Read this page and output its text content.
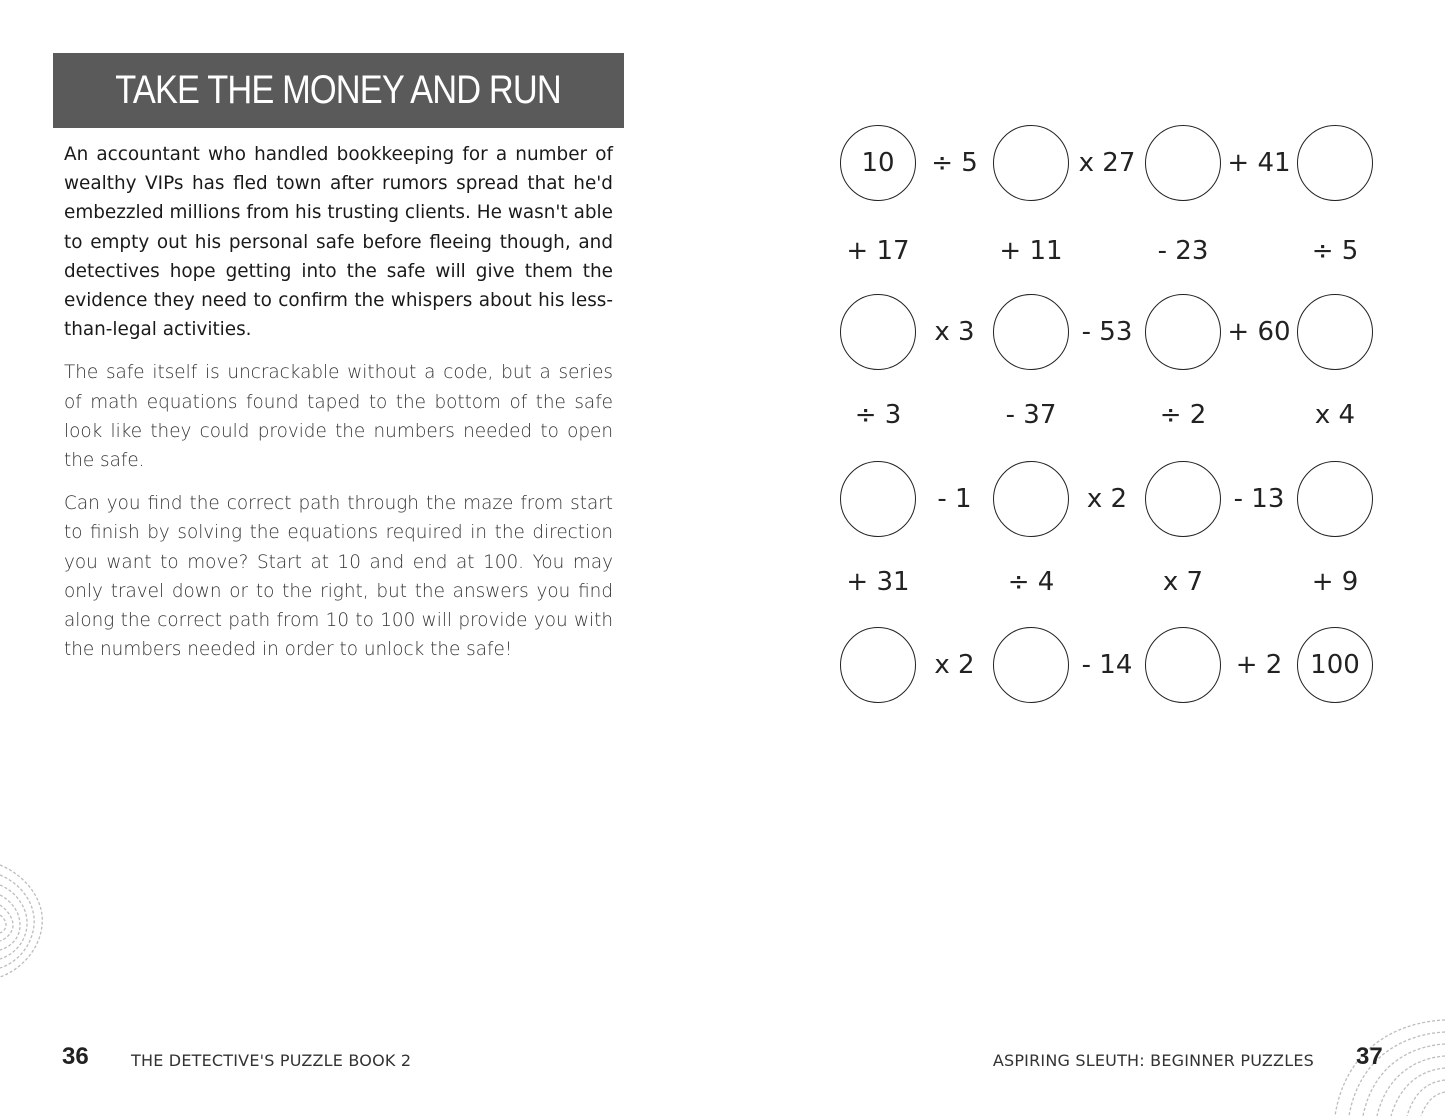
TAKE THE MONEY AND RUN

An accountant who handled bookkeeping for a number of wealthy VIPs has fled town after rumors spread that he'd embezzled millions from his trusting clients. He wasn't able to empty out his personal safe before fleeing though, and detectives hope getting into the safe will give them the evidence they need to confirm the whispers about his less-than-legal activities.

The safe itself is uncrackable without a code, but a series of math equations found taped to the bottom of the safe look like they could provide the numbers needed to open the safe.

Can you find the correct path through the maze from start to finish by solving the equations required in the direction you want to move? Start at 10 and end at 100. You may only travel down or to the right, but the answers you find along the correct path from 10 to 100 will provide you with the numbers needed in order to unlock the safe!

10
100
÷ 5	x 27	+ 41
x 3	- 53	+ 60
- 1	x 2	- 13
x 2	- 14	+ 2
+ 17	+ 11	- 23	÷ 5
÷ 3	- 37	÷ 2	x 4
+ 31	÷ 4	x 7	+ 9
36	THE DETECTIVE'S PUZZLE BOOK 2	ASPIRING SLEUTH: BEGINNER PUZZLES 37
